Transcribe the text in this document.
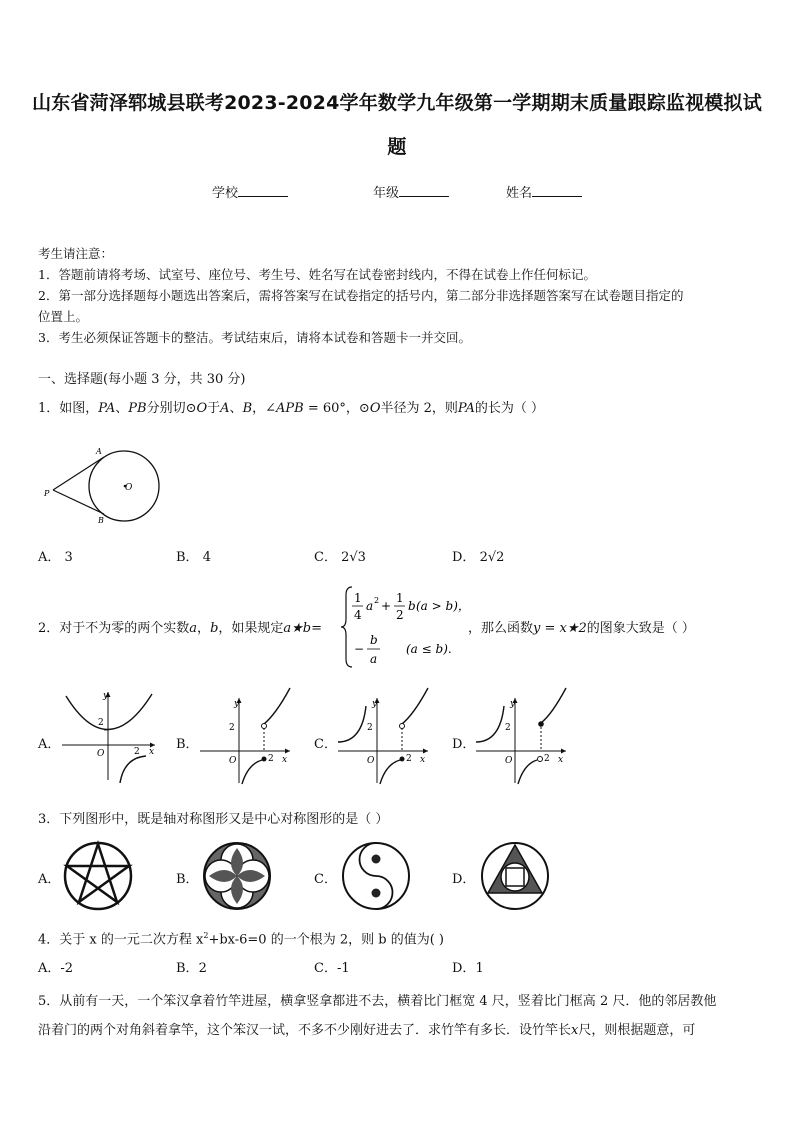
山东省菏泽郓城县联考2023-2024学年数学九年级第一学期期末质量跟踪监视模拟试
题
学校	年级	姓名
考生请注意：
1．答题前请将考场、试室号、座位号、考生号、姓名写在试卷密封线内，不得在试卷上作任何标记。
2．第一部分选择题每小题选出答案后，需将答案写在试卷指定的括号内，第二部分非选择题答案写在试卷题目指定的
位置上。
3．考生必须保证答题卡的整洁。考试结束后，请将本试卷和答题卡一并交回。
一、选择题(每小题 3 分，共 30 分)
1．如图，PA、PB分别切⊙O于A、B，∠APB = 60°，⊙O半径为 2，则PA的长为（ ）
A
B
P
O
A． 3	B． 4	C． 2√3	D． 2√2
2．对于不为零的两个实数a，b，如果规定a★b=
1
4
a 2 +
1
2
b (a > b)，
−
b
a
(a ≤ b).
，那么函数y = x★2的图象大致是（ ）
A．
2
y
x
O	2	B．
2
y
x
O	2
C．
2
y
x
O	2
D．
2
y
x
O	2
3．下列图形中，既是轴对称图形又是中心对称图形的是（ ）
A．	B．	C．	D．
4．关于 x 的一元二次方程 $x^2+bx-6=0$ 的一个根为 2，则 b 的值为( )
A．-2	B．2	C．-1	D．1
5．从前有一天，一个笨汉拿着竹竿进屋，横拿竖拿都进不去，横着比门框宽 4 尺，竖着比门框高 2 尺．他的邻居教他
沿着门的两个对角斜着拿竿，这个笨汉一试，不多不少刚好进去了．求竹竿有多长．设竹竿长x尺，则根据题意，可
